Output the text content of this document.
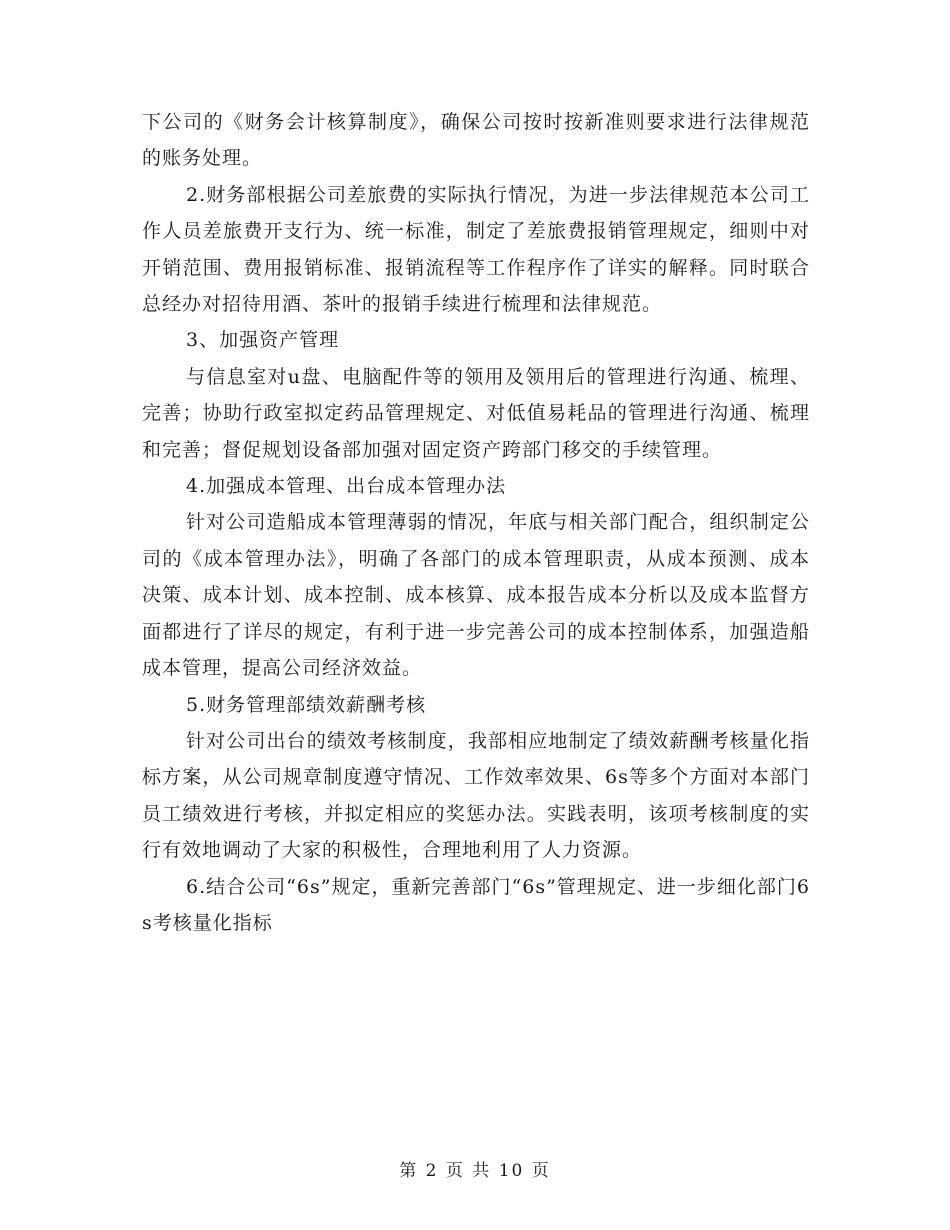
下公司的《财务会计核算制度》，确保公司按时按新准则要求进行法律规范的账务处理。

2.财务部根据公司差旅费的实际执行情况，为进一步法律规范本公司工作人员差旅费开支行为、统一标准，制定了差旅费报销管理规定，细则中对开销范围、费用报销标准、报销流程等工作程序作了详实的解释。同时联合总经办对招待用酒、茶叶的报销手续进行梳理和法律规范。

3、加强资产管理

与信息室对u盘、电脑配件等的领用及领用后的管理进行沟通、梳理、完善；协助行政室拟定药品管理规定、对低值易耗品的管理进行沟通、梳理和完善；督促规划设备部加强对固定资产跨部门移交的手续管理。

4.加强成本管理、出台成本管理办法

针对公司造船成本管理薄弱的情况，年底与相关部门配合，组织制定公司的《成本管理办法》，明确了各部门的成本管理职责，从成本预测、成本决策、成本计划、成本控制、成本核算、成本报告成本分析以及成本监督方面都进行了详尽的规定，有利于进一步完善公司的成本控制体系，加强造船成本管理，提高公司经济效益。

5.财务管理部绩效薪酬考核

针对公司出台的绩效考核制度，我部相应地制定了绩效薪酬考核量化指标方案，从公司规章制度遵守情况、工作效率效果、6s等多个方面对本部门员工绩效进行考核，并拟定相应的奖惩办法。实践表明，该项考核制度的实行有效地调动了大家的积极性，合理地利用了人力资源。

6.结合公司“6s”规定，重新完善部门“6s”管理规定、进一步细化部门6s考核量化指标

第 2 页 共 10 页
